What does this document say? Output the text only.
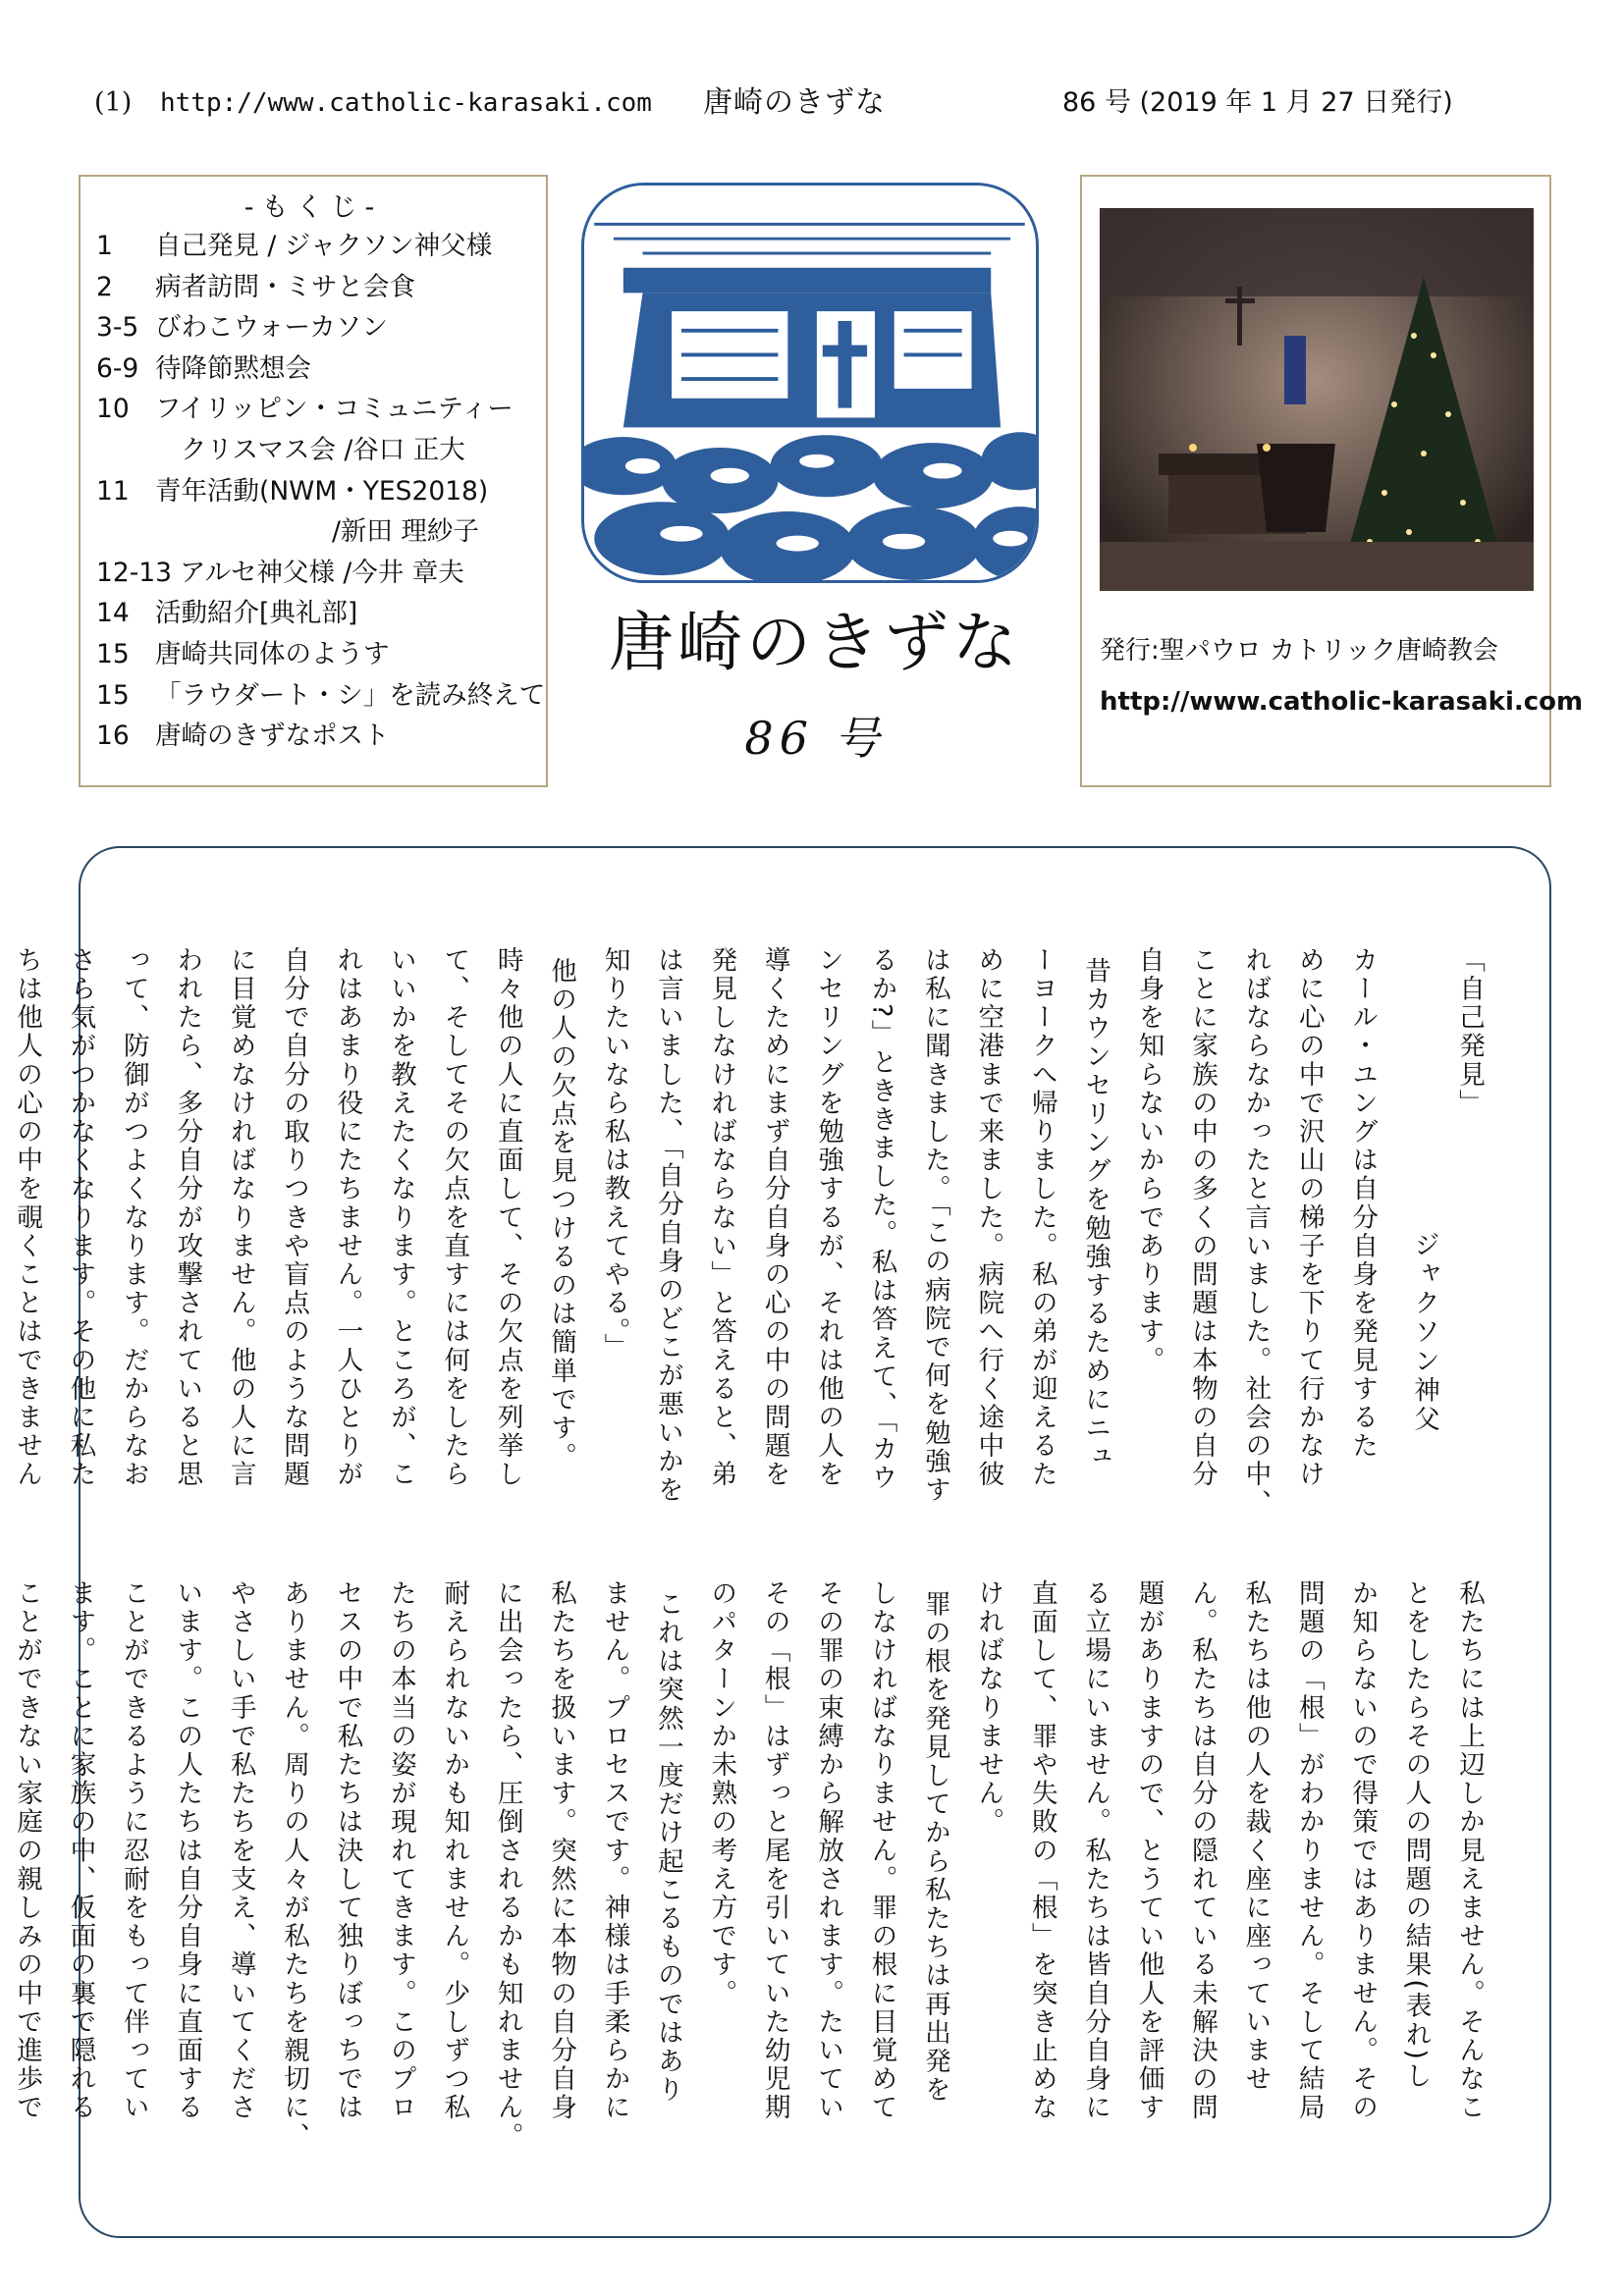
(1) http://www.catholic-karasaki.com 唐崎のきずな	86 号 (2019 年 1 月 27 日発行)
-もくじ-
1 自己発見 / ジャクソン神父様
2 病者訪問・ミサと会食
3-5 びわこウォーカソン
6-9 待降節黙想会
10 フイリッピン・コミュニティー
クリスマス会 /谷口 正大
11 青年活動(NWM・YES2018)
/新田 理紗子
12-13 アルセ神父様 /今井 章夫
14 活動紹介[典礼部]
15 唐崎共同体のようす
15 「ラウダート・シ」を読み終えて
16 唐崎のきずなポスト
唐崎のきずな
86 号
発行:聖パウロ カトリック唐崎教会
http://www.catholic-karasaki.com
「自己発見」

カール・ユングは自分自身を発見するた
めに心の中で沢山の梯子を下りて行かなけ
ればならなかったと言いました。社会の中、
ことに家族の中の多くの問題は本物の自分
自身を知らないからであります。
昔カウンセリングを勉強するためにニュ
ーヨークへ帰りました。私の弟が迎えるた
めに空港まで来ました。病院へ行く途中彼
は私に聞きました。「この病院で何を勉強す
るか?」とききました。私は答えて、「カウ
ンセリングを勉強するが、それは他の人を
導くためにまず自分自身の心の中の問題を
発見しなければならない」と答えると、弟
は言いました、「自分自身のどこが悪いかを
知りたいなら私は教えてやる。」
他の人の欠点を見つけるのは簡単です。
時々他の人に直面して、その欠点を列挙し
て、そしてその欠点を直すには何をしたら
いいかを教えたくなります。ところが、こ
れはあまり役にたちません。一人ひとりが
自分で自分の取りつきや盲点のような問題
に目覚めなければなりません。他の人に言
われたら、多分自分が攻撃されていると思
って、防御がつよくなります。だからなお
さら気がつかなくなります。その他に私た
ちは他人の心の中を覗くことはできません	ジャクソン神父
私たちには上辺しか見えません。そんなこ
とをしたらその人の問題の結果(表れ)し
か知らないので得策ではありません。その
問題の「根」がわかりません。そして結局
私たちは他の人を裁く座に座っていませ
ん。私たちは自分の隠れている未解決の問
題がありますので、とうてい他人を評価す
る立場にいません。私たちは皆自分自身に
直面して、罪や失敗の「根」を突き止めな
ければなりません。
罪の根を発見してから私たちは再出発を
しなければなりません。罪の根に目覚めて
その罪の束縛から解放されます。たいてい
その「根」はずっと尾を引いていた幼児期
のパターンか未熟の考え方です。
これは突然一度だけ起こるものではあり
ません。プロセスです。神様は手柔らかに
私たちを扱います。突然に本物の自分自身
に出会ったら、圧倒されるかも知れません。
耐えられないかも知れません。少しずつ私
たちの本当の姿が現れてきます。このプロ
セスの中で私たちは決して独りぼっちでは
ありません。周りの人々が私たちを親切に、
やさしい手で私たちを支え、導いてくださ
います。この人たちは自分自身に直面する
ことができるように忍耐をもって伴ってい
ます。ことに家族の中、仮面の裏で隠れる
ことができない家庭の親しみの中で進歩で
